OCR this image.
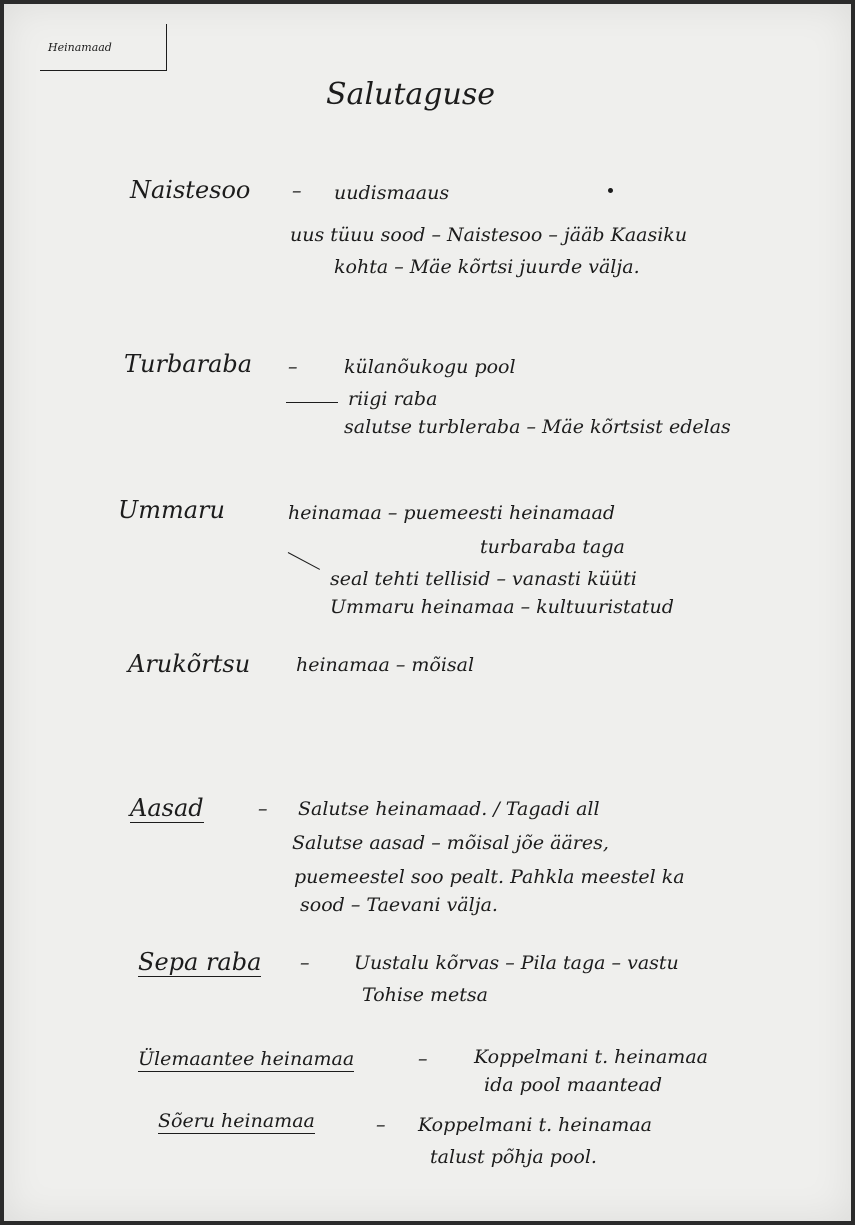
Heinamaad
Salutaguse
Naistesoo – uudismaaus
uus tüuu sood – Naistesoo – jääb Kaasiku
kohta – Mäe kõrtsi juurde välja.
Turbaraba – külanõukogu pool
riigi raba
salutse turbleraba – Mäe kõrtsist edelas
Ummaru	heinamaa – puemeesti heinamaad
turbaraba taga
seal tehti tellisid – vanasti küüti
Ummaru heinamaa – kultuuristatud
Arukõrtsu heinamaa – mõisal
Aasad	– Salutse heinamaad. / Tagadi all
Salutse aasad – mõisal jõe ääres,
puemeestel soo pealt. Pahkla meestel ka
sood – Taevani välja.
Sepa raba – Uustalu kõrvas – Pila taga – vastu
Tohise metsa
Ülemaantee heinamaa	– Koppelmani t. heinamaa
ida pool maantead
Sõeru heinamaa	– Koppelmani t. heinamaa
talust põhja pool.
